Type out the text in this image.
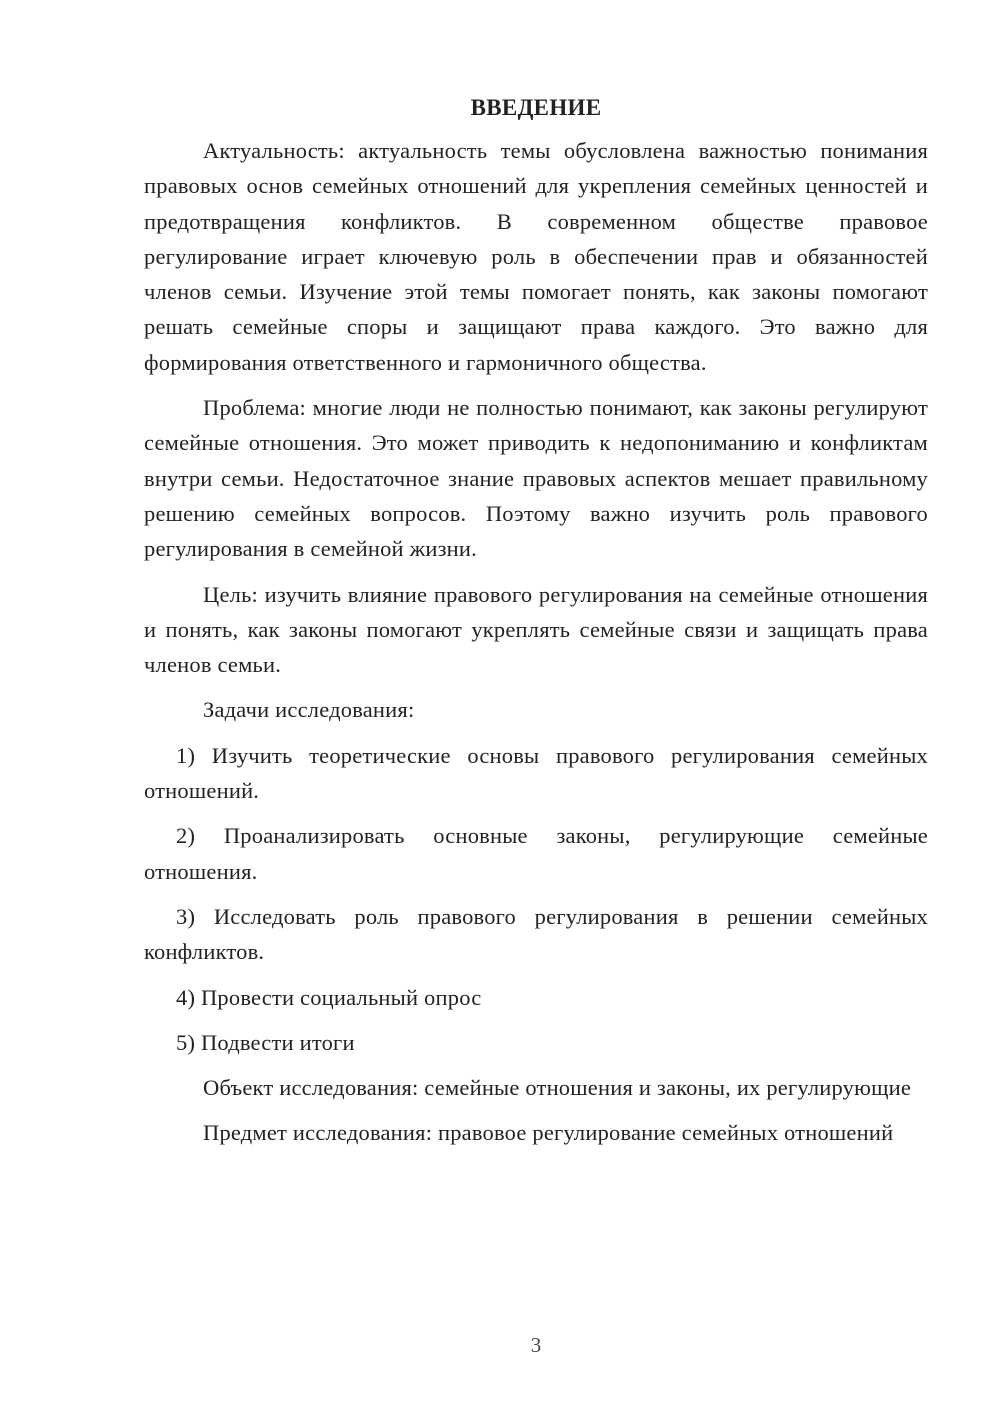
ВВЕДЕНИЕ

Актуальность: актуальность темы обусловлена важностью понимания правовых основ семейных отношений для укрепления семейных ценностей и предотвращения конфликтов. В современном обществе правовое регулирование играет ключевую роль в обеспечении прав и обязанностей членов семьи. Изучение этой темы помогает понять, как законы помогают решать семейные споры и защищают права каждого. Это важно для формирования ответственного и гармоничного общества.

Проблема: многие люди не полностью понимают, как законы регулируют семейные отношения. Это может приводить к недопониманию и конфликтам внутри семьи. Недостаточное знание правовых аспектов мешает правильному решению семейных вопросов. Поэтому важно изучить роль правового регулирования в семейной жизни.

Цель: изучить влияние правового регулирования на семейные отношения и понять, как законы помогают укреплять семейные связи и защищать права членов семьи.

Задачи исследования:

1) Изучить теоретические основы правового регулирования семейных отношений.

2) Проанализировать основные законы, регулирующие семейные отношения.

3) Исследовать роль правового регулирования в решении семейных конфликтов.

4) Провести социальный опрос

5) Подвести итоги

Объект исследования: семейные отношения и законы, их регулирующие

Предмет исследования: правовое регулирование семейных отношений

3
